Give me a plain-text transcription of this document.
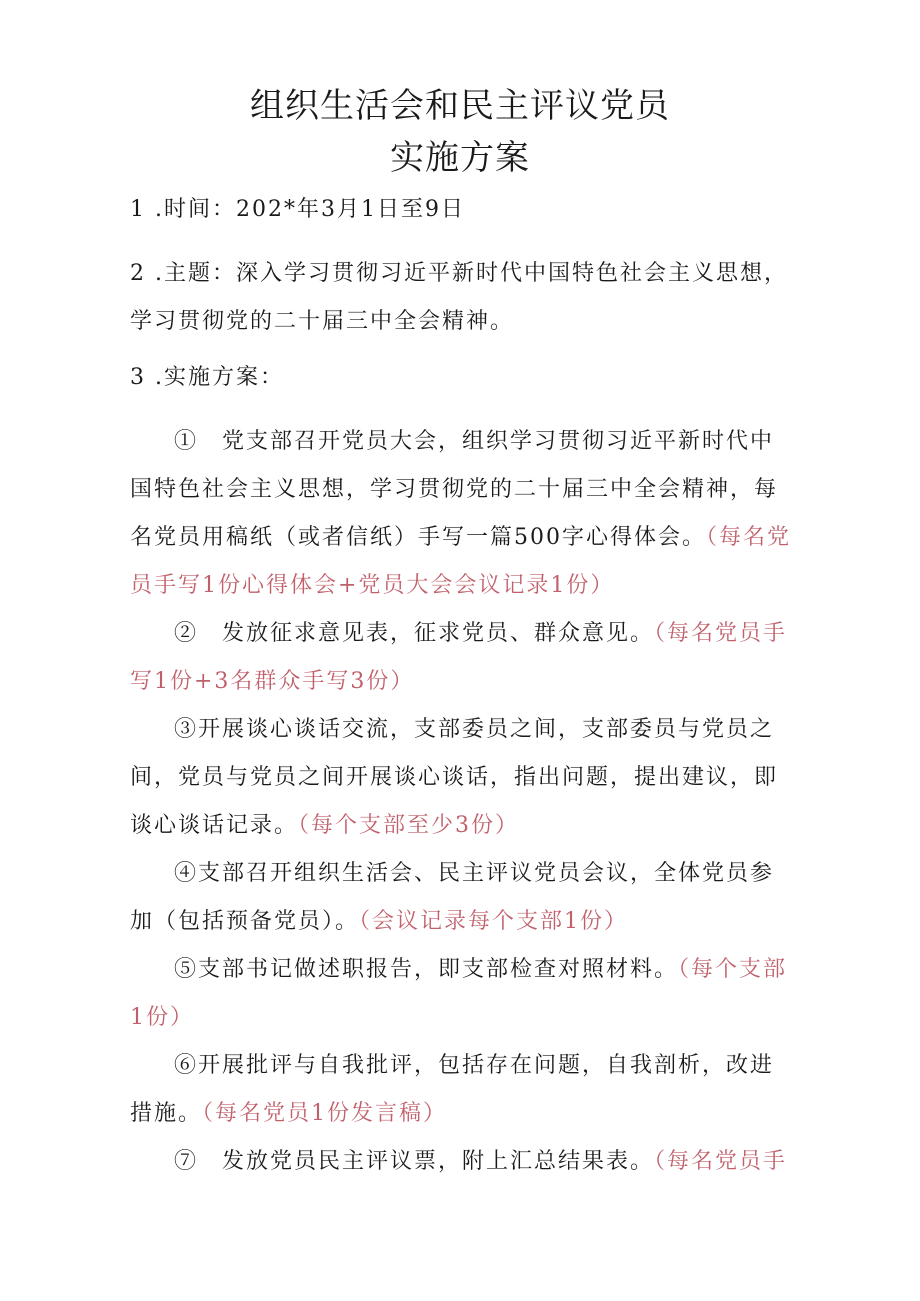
组织生活会和民主评议党员
实施方案
1 .时间：202*年3月1日至9日
2 .主题：深入学习贯彻习近平新时代中国特色社会主义思想，学习贯彻党的二十届三中全会精神。
3 .实施方案：
①　党支部召开党员大会，组织学习贯彻习近平新时代中国特色社会主义思想，学习贯彻党的二十届三中全会精神，每名党员用稿纸（或者信纸）手写一篇500字心得体会。（每名党员手写1份心得体会+党员大会会议记录1份）
②　发放征求意见表，征求党员、群众意见。（每名党员手写1份+3名群众手写3份）
③开展谈心谈话交流，支部委员之间，支部委员与党员之间，党员与党员之间开展谈心谈话，指出问题，提出建议，即谈心谈话记录。（每个支部至少3份）
④支部召开组织生活会、民主评议党员会议，全体党员参加（包括预备党员）。（会议记录每个支部1份）
⑤支部书记做述职报告，即支部检查对照材料。（每个支部1份）
⑥开展批评与自我批评，包括存在问题，自我剖析，改进措施。（每名党员1份发言稿）
⑦　发放党员民主评议票，附上汇总结果表。（每名党员手
